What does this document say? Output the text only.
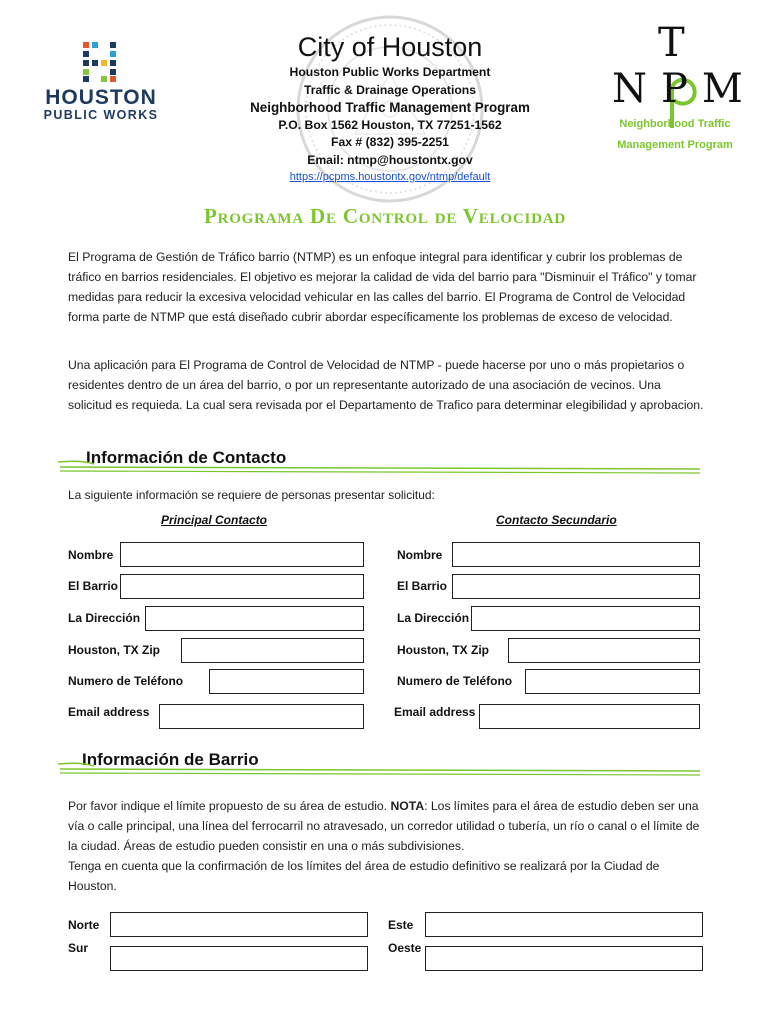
HOUSTON
PUBLIC WORKS
City of Houston
Houston Public Works Department
Traffic & Drainage Operations
Neighborhood Traffic Management Program
P.O. Box 1562 Houston, TX 77251-1562
Fax # (832) 395-2251
Email: ntmp@houstontx.gov
https://pcpms.houstontx.gov/ntmp/default
T
NPM
Neighborhood Traffic
Management Program
Programa De Control de Velocidad
El Programa de Gestión de Tráfico barrio (NTMP) es un enfoque integral para identificar y cubrir los problemas de tráfico en barrios residenciales. El objetivo es mejorar la calidad de vida del barrio para "Disminuir el Tráfico" y tomar medidas para reducir la excesiva velocidad vehicular en las calles del barrio. El Programa de Control de Velocidad forma parte de NTMP que está diseñado cubrir abordar específicamente los problemas de exceso de velocidad.
Una aplicación para El Programa de Control de Velocidad de NTMP - puede hacerse por uno o más propietarios o residentes dentro de un área del barrio, o por un representante autorizado de una asociación de vecinos. Una solicitud es requieda. La cual sera revisada por el Departamento de Trafico para determinar elegibilidad y aprobacion.
Información de Contacto
La siguiente información se requiere de personas presentar solicitud:
Principal Contacto	Contacto Secundario
Nombre
El Barrio
La Dirección
Houston, TX Zip
Numero de Teléfono
Email address
Nombre
El Barrio
La Dirección
Houston, TX Zip
Numero de Teléfono
Email address
Información de Barrio
Por favor indique el límite propuesto de su área de estudio. NOTA: Los límites para el área de estudio deben ser una vía o calle principal, una línea del ferrocarril no atravesado, un corredor utilidad o tubería, un río o canal o el límite de la ciudad. Áreas de estudio pueden consistir en una o más subdivisiones.
Tenga en cuenta que la confirmación de los límites del área de estudio definitivo se realizará por la Ciudad de Houston.
Norte
Sur
Este
Oeste
